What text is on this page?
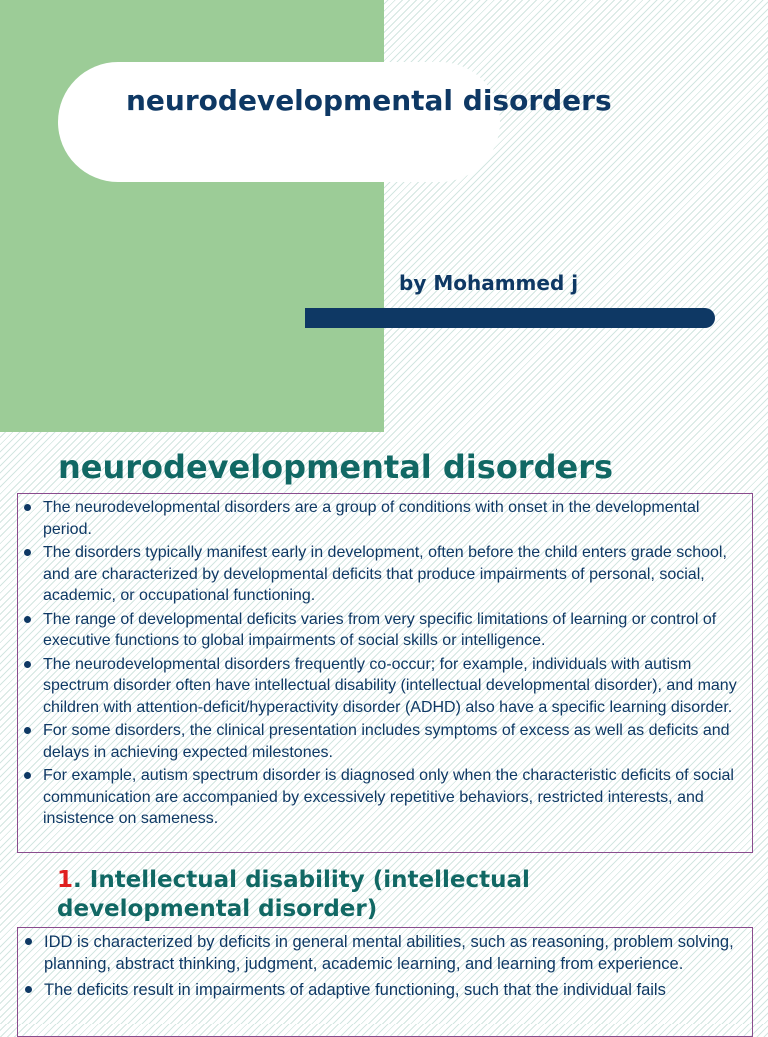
neurodevelopmental disorders

by Mohammed j

neurodevelopmental disorders
The neurodevelopmental disorders are a group of conditions with onset in the developmental period.
The disorders typically manifest early in development, often before the child enters grade school, and are characterized by developmental deficits that produce impairments of personal, social, academic, or occupational functioning.
The range of developmental deficits varies from very specific limitations of learning or control of executive functions to global impairments of social skills or intelligence.
The neurodevelopmental disorders frequently co-occur; for example, individuals with autism spectrum disorder often have intellectual disability (intellectual developmental disorder), and many children with attention-deficit/hyperactivity disorder (ADHD) also have a specific learning disorder.
For some disorders, the clinical presentation includes symptoms of excess as well as deficits and delays in achieving expected milestones.
For example, autism spectrum disorder is diagnosed only when the characteristic deficits of social communication are accompanied by excessively repetitive behaviors, restricted interests, and insistence on sameness.
1. Intellectual disability (intellectual developmental disorder)
IDD is characterized by deficits in general mental abilities, such as reasoning, problem solving, planning, abstract thinking, judgment, academic learning, and learning from experience.
The deficits result in impairments of adaptive functioning, such that the individual fails
